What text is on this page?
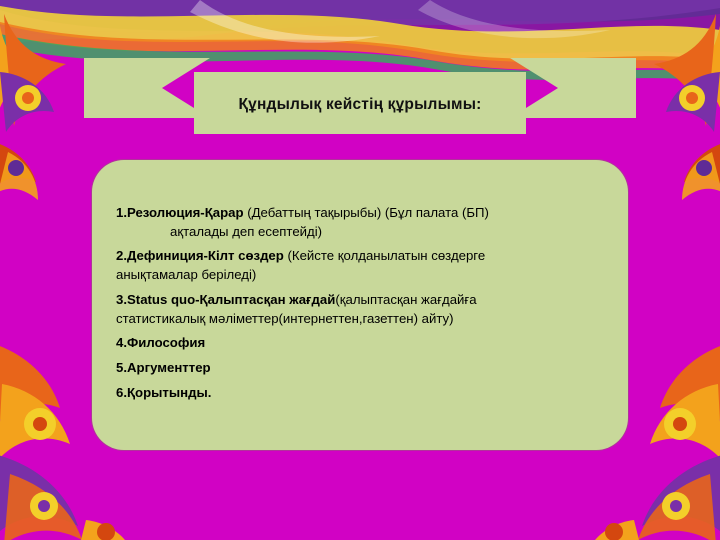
Құндылық кейстің құрылымы:
1.Резолюция-Қарар (Дебаттың тақырыбы) (Бұл палата (БП)
ақталады деп есептейді)
2.Дефиниция-Кілт сөздер (Кейсте қолданылатын сөздерге
анықтамалар беріледі)
3.Status quo-Қалыптасқан жағдай(қалыптасқан жағдайға
статистикалық мәліметтер(интернеттен,газеттен) айту)
4.Философия
5.Аргументтер
6.Қорытынды.
